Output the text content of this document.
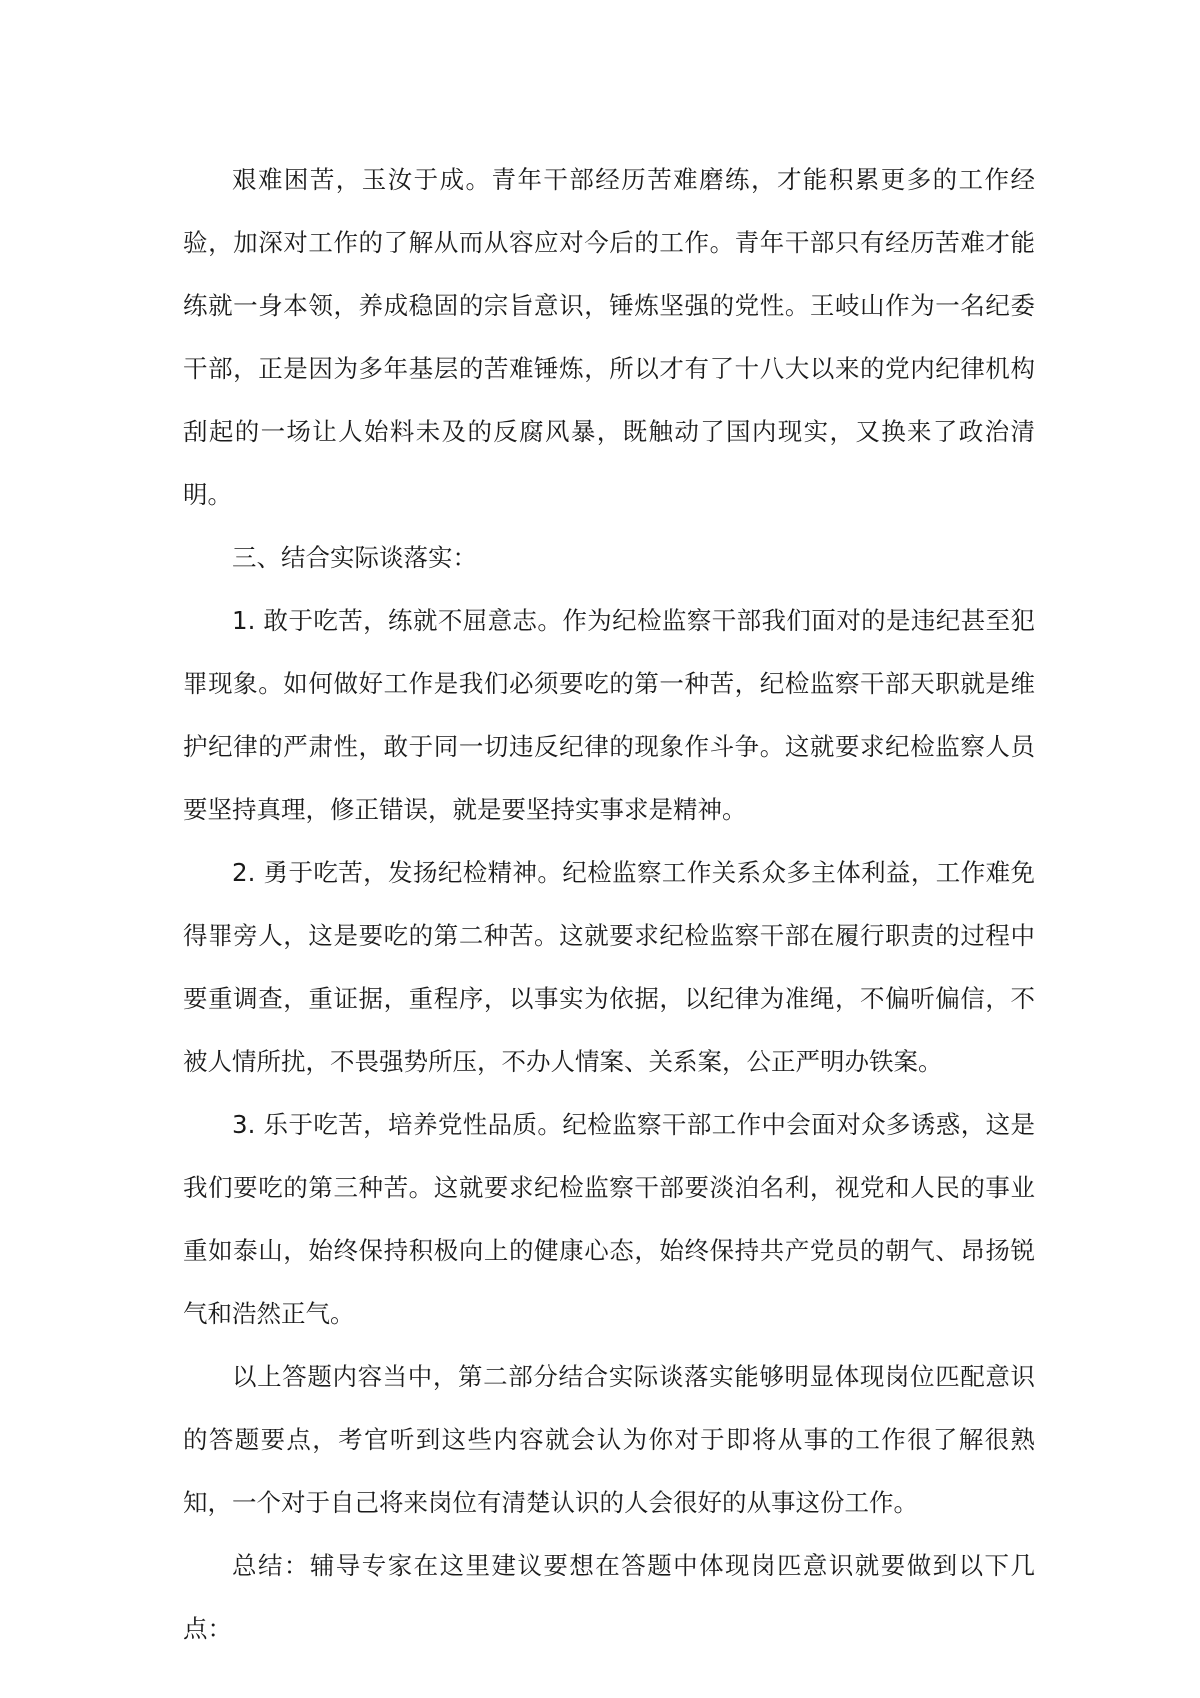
艰难困苦，玉汝于成。青年干部经历苦难磨练，才能积累更多的工作经验，加深对工作的了解从而从容应对今后的工作。青年干部只有经历苦难才能练就一身本领，养成稳固的宗旨意识，锤炼坚强的党性。王岐山作为一名纪委干部，正是因为多年基层的苦难锤炼，所以才有了十八大以来的党内纪律机构刮起的一场让人始料未及的反腐风暴，既触动了国内现实，又换来了政治清明。

三、结合实际谈落实：

1. 敢于吃苦，练就不屈意志。作为纪检监察干部我们面对的是违纪甚至犯罪现象。如何做好工作是我们必须要吃的第一种苦，纪检监察干部天职就是维护纪律的严肃性，敢于同一切违反纪律的现象作斗争。这就要求纪检监察人员要坚持真理，修正错误，就是要坚持实事求是精神。

2. 勇于吃苦，发扬纪检精神。纪检监察工作关系众多主体利益，工作难免得罪旁人，这是要吃的第二种苦。这就要求纪检监察干部在履行职责的过程中要重调查，重证据，重程序，以事实为依据，以纪律为准绳，不偏听偏信，不被人情所扰，不畏强势所压，不办人情案、关系案，公正严明办铁案。

3. 乐于吃苦，培养党性品质。纪检监察干部工作中会面对众多诱惑，这是我们要吃的第三种苦。这就要求纪检监察干部要淡泊名利，视党和人民的事业重如泰山，始终保持积极向上的健康心态，始终保持共产党员的朝气、昂扬锐气和浩然正气。

以上答题内容当中，第二部分结合实际谈落实能够明显体现岗位匹配意识的答题要点，考官听到这些内容就会认为你对于即将从事的工作很了解很熟知，一个对于自己将来岗位有清楚认识的人会很好的从事这份工作。

总结：辅导专家在这里建议要想在答题中体现岗匹意识就要做到以下几点：
